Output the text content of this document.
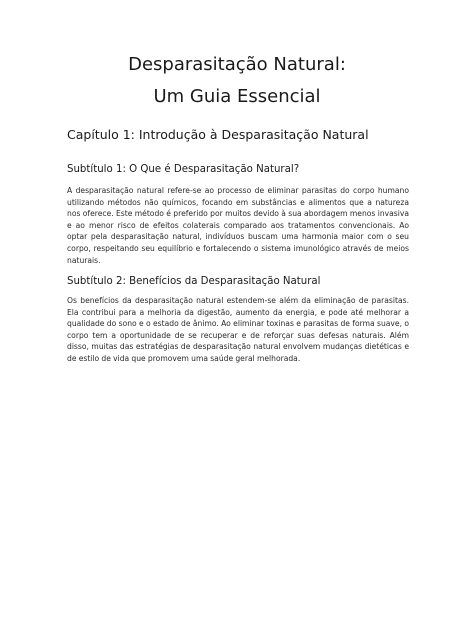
Desparasitação Natural:
Um Guia Essencial
Capítulo 1: Introdução à Desparasitação Natural
Subtítulo 1: O Que é Desparasitação Natural?

A desparasitação natural refere-se ao processo de eliminar parasitas do corpo humano utilizando métodos não químicos, focando em substâncias e alimentos que a natureza nos oferece. Este método é preferido por muitos devido à sua abordagem menos invasiva e ao menor risco de efeitos colaterais comparado aos tratamentos convencionais. Ao optar pela desparasitação natural, indivíduos buscam uma harmonia maior com o seu corpo, respeitando seu equilíbrio e fortalecendo o sistema imunológico através de meios naturais.

Subtítulo 2: Benefícios da Desparasitação Natural

Os benefícios da desparasitação natural estendem-se além da eliminação de parasitas. Ela contribui para a melhoria da digestão, aumento da energia, e pode até melhorar a qualidade do sono e o estado de ânimo. Ao eliminar toxinas e parasitas de forma suave, o corpo tem a oportunidade de se recuperar e de reforçar suas defesas naturais. Além disso, muitas das estratégias de desparasitação natural envolvem mudanças dietéticas e de estilo de vida que promovem uma saúde geral melhorada.
